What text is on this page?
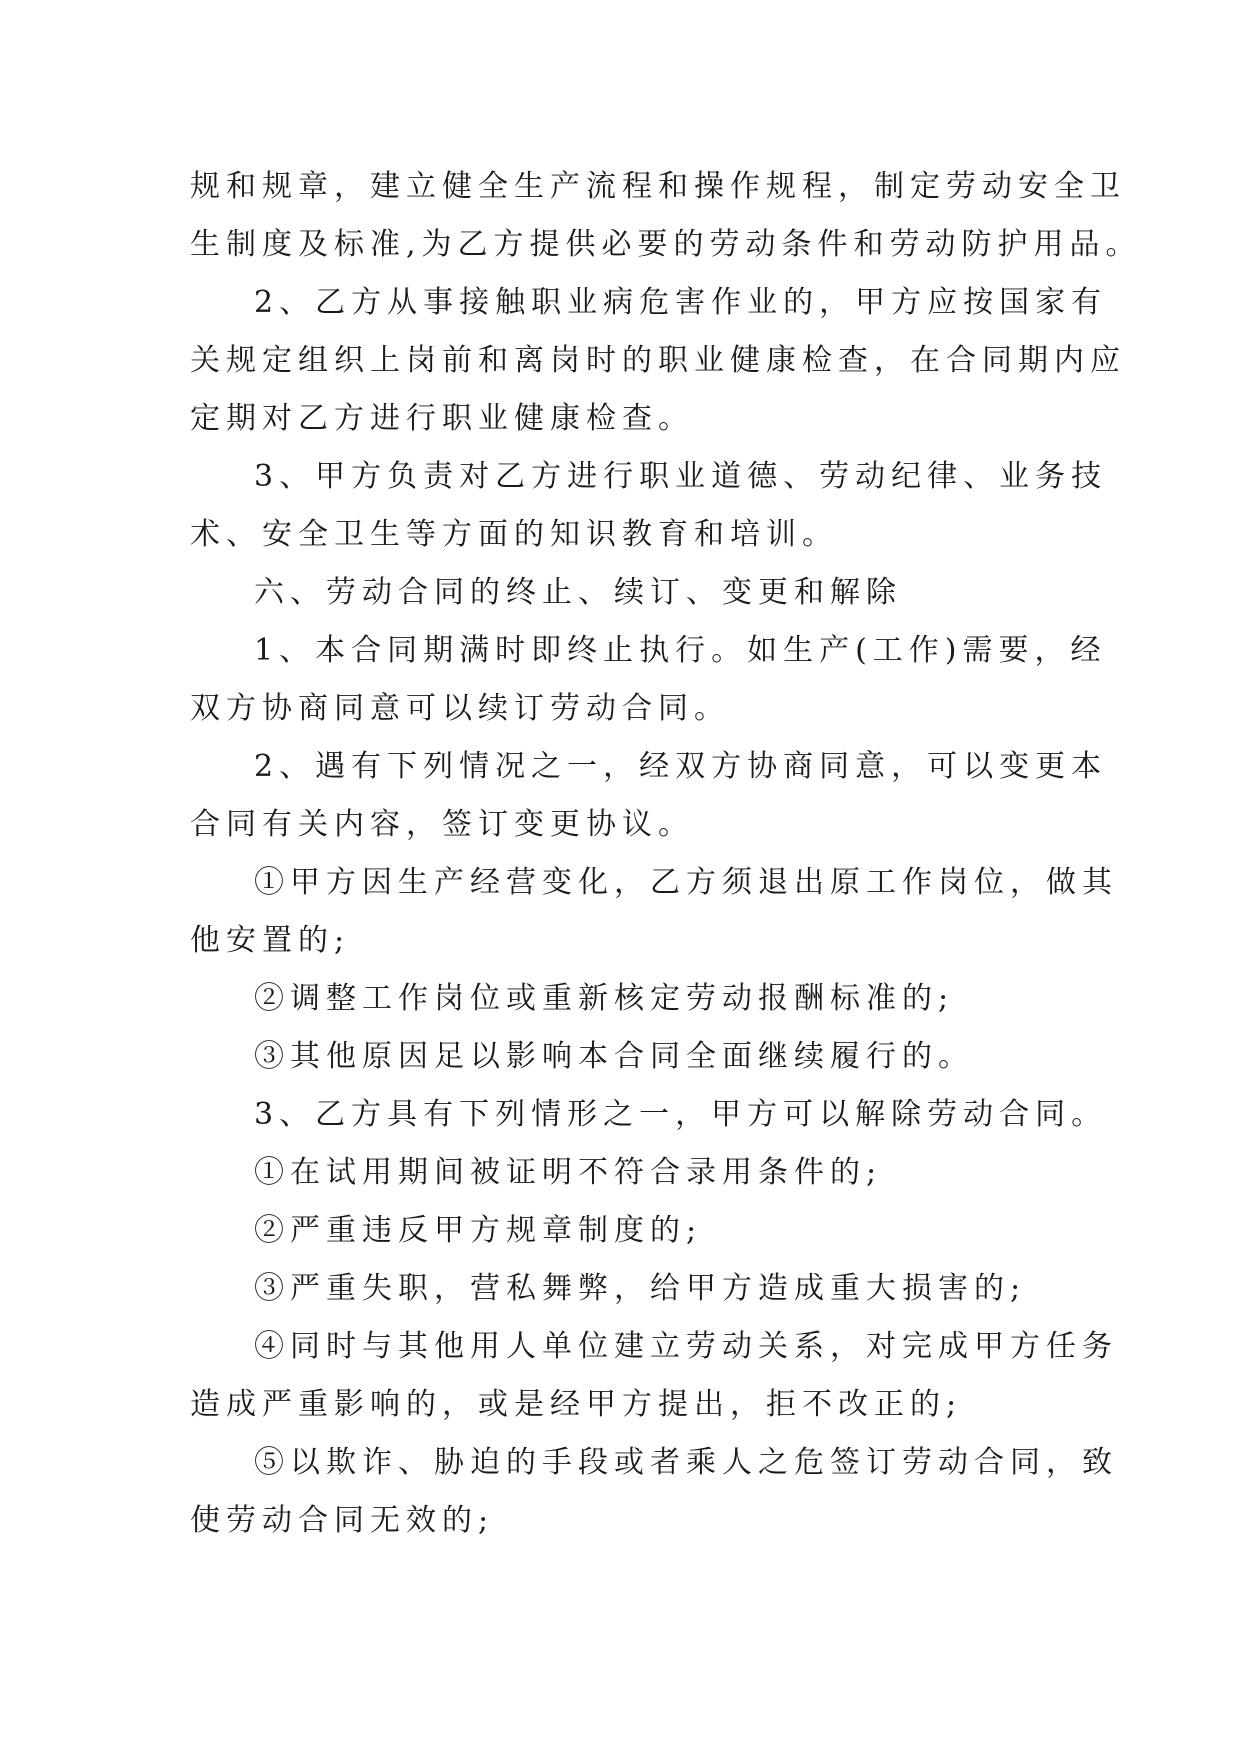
规和规章，建立健全生产流程和操作规程，制定劳动安全卫
生制度及标准,为乙方提供必要的劳动条件和劳动防护用品。
2、乙方从事接触职业病危害作业的，甲方应按国家有
关规定组织上岗前和离岗时的职业健康检查，在合同期内应
定期对乙方进行职业健康检查。
3、甲方负责对乙方进行职业道德、劳动纪律、业务技
术、安全卫生等方面的知识教育和培训。
六、劳动合同的终止、续订、变更和解除
1、本合同期满时即终止执行。如生产(工作)需要，经
双方协商同意可以续订劳动合同。
2、遇有下列情况之一，经双方协商同意，可以变更本
合同有关内容，签订变更协议。
①甲方因生产经营变化，乙方须退出原工作岗位，做其
他安置的;
②调整工作岗位或重新核定劳动报酬标准的;
③其他原因足以影响本合同全面继续履行的。
3、乙方具有下列情形之一，甲方可以解除劳动合同。
①在试用期间被证明不符合录用条件的;
②严重违反甲方规章制度的;
③严重失职，营私舞弊，给甲方造成重大损害的;
④同时与其他用人单位建立劳动关系，对完成甲方任务
造成严重影响的，或是经甲方提出，拒不改正的;
⑤以欺诈、胁迫的手段或者乘人之危签订劳动合同，致
使劳动合同无效的;
